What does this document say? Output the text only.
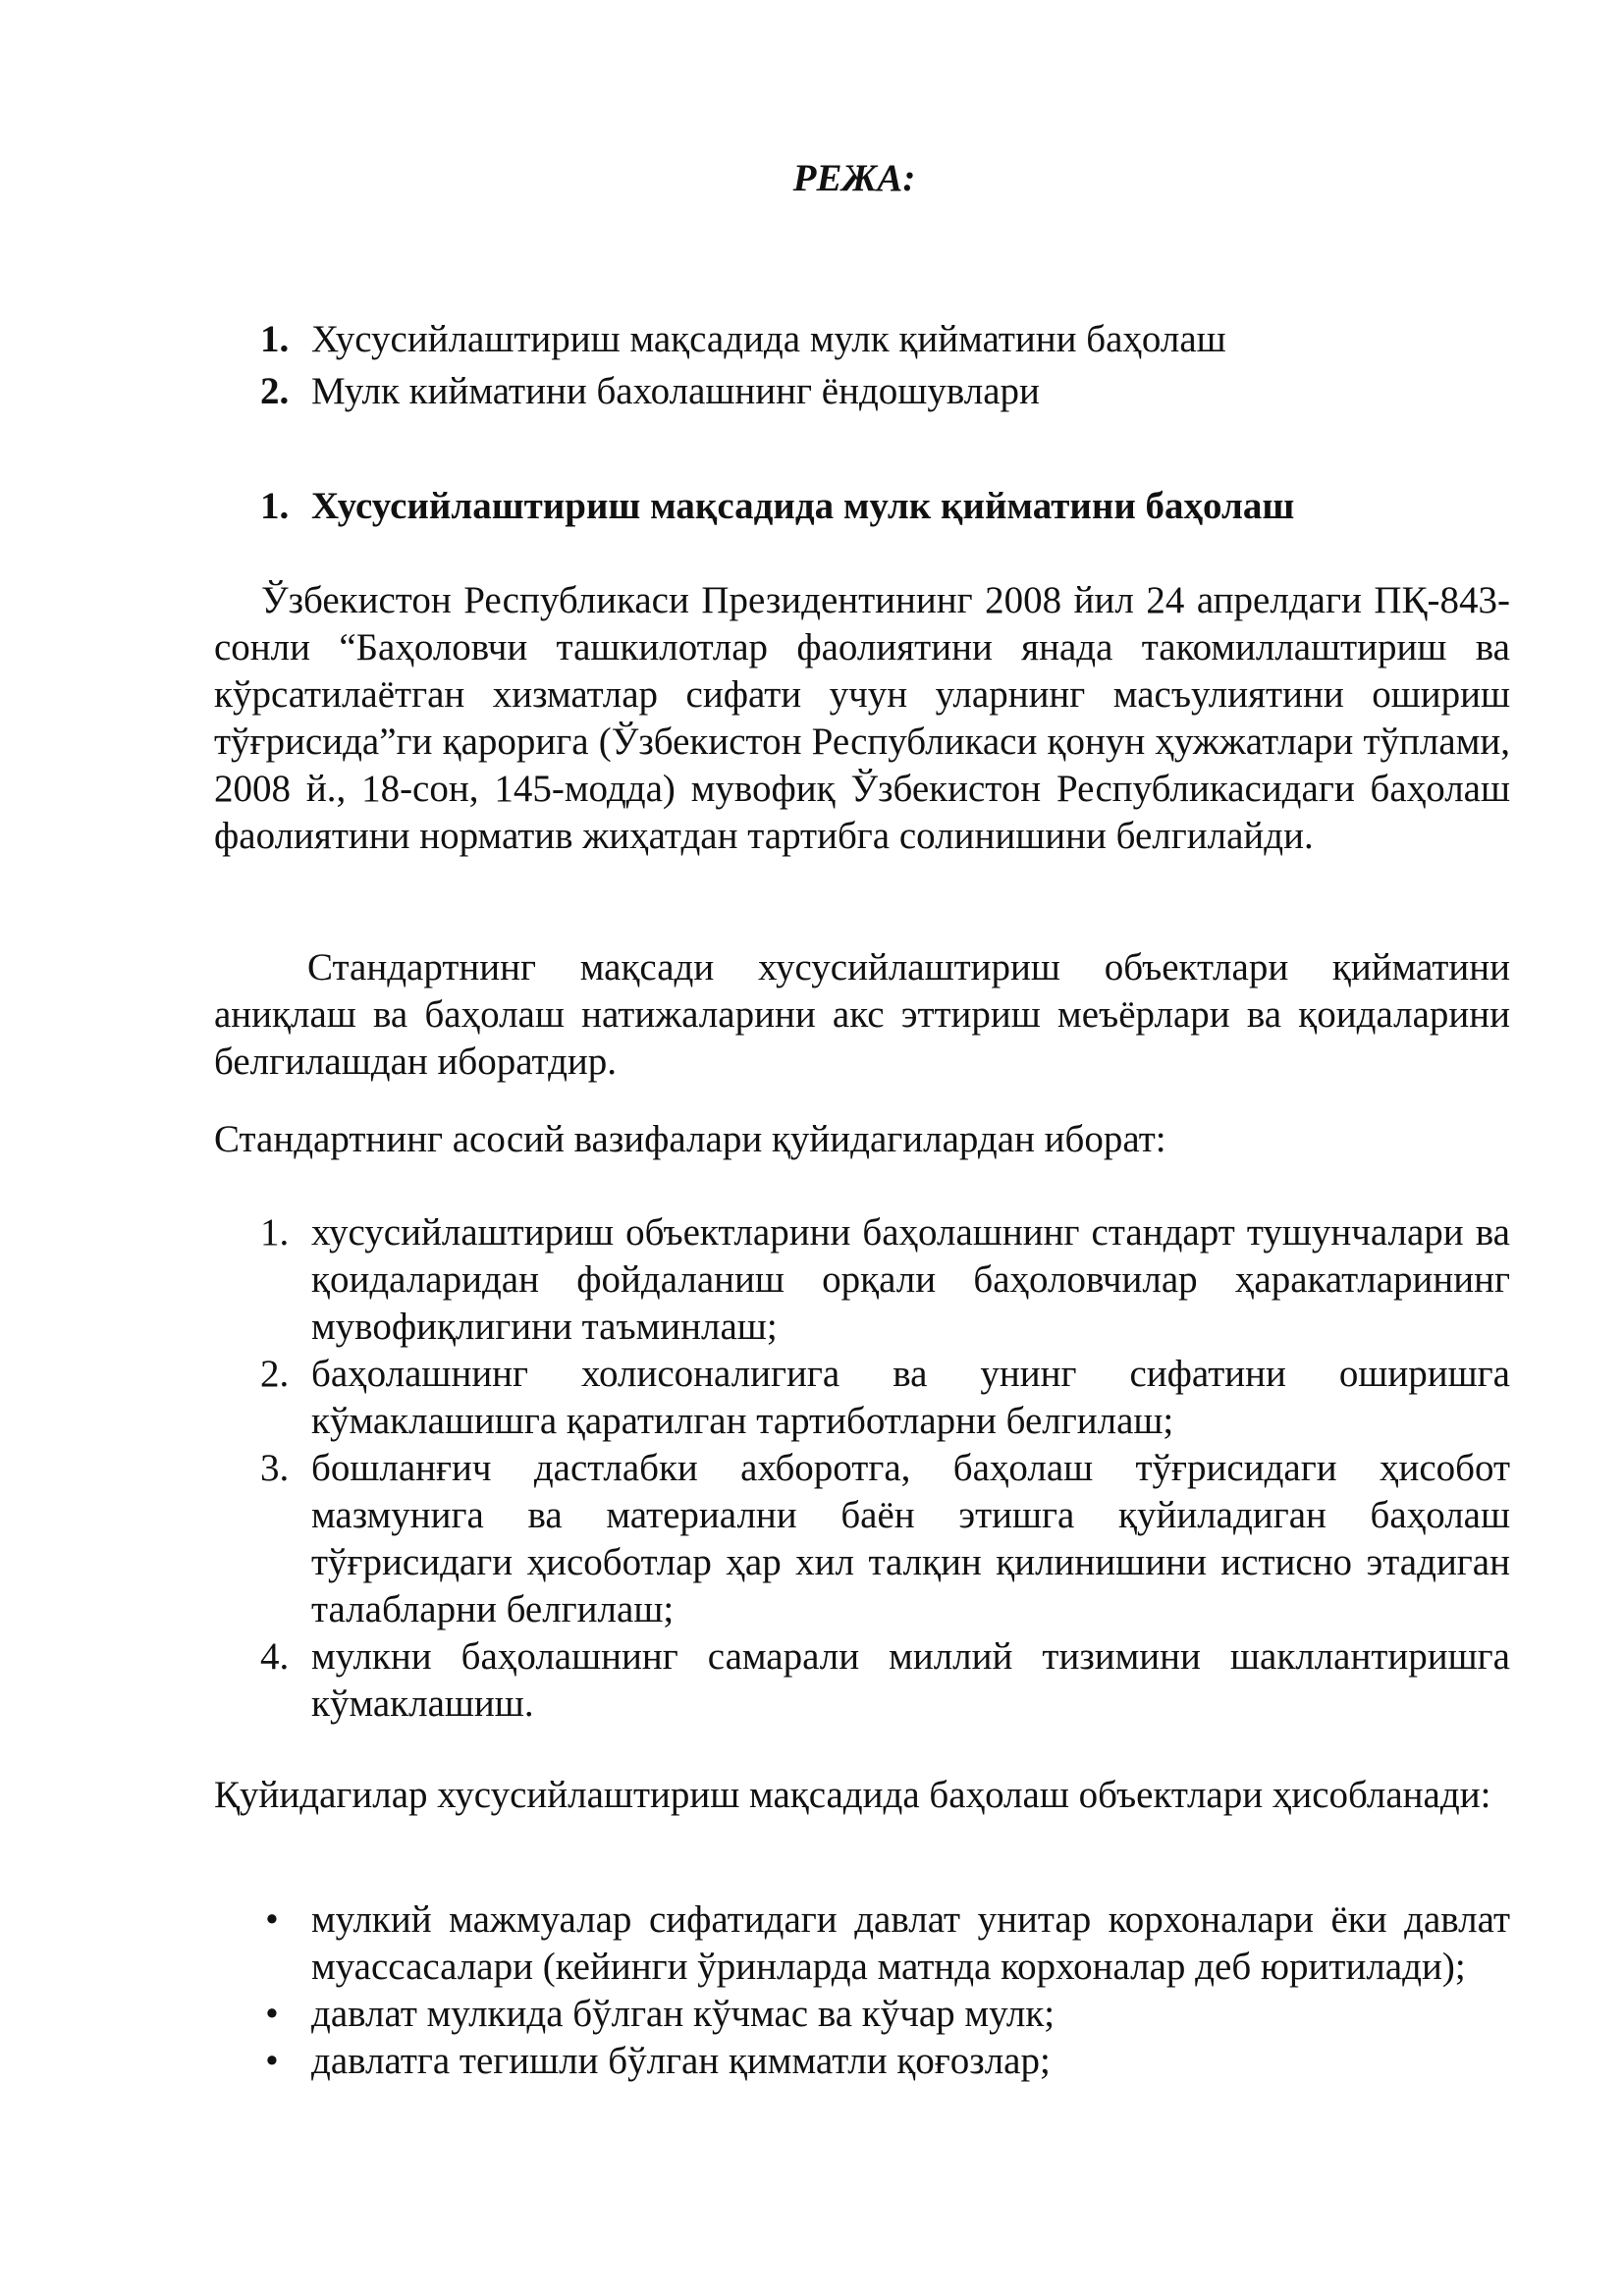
РЕЖА:
1. Хусусийлаштириш мақсадида мулк қийматини баҳолаш
2. Мулк кийматини бахолашнинг ёндошувлари
1. Хусусийлаштириш мақсадида мулк қийматини баҳолаш

Ўзбекистон Республикаси Президентининг 2008 йил 24 апрелдаги ПҚ-843-сонли “Баҳоловчи ташкилотлар фаолиятини янада такомиллаштириш ва кўрсатилаётган хизматлар сифати учун уларнинг масъулиятини ошириш тўғрисида”ги қарорига (Ўзбекистон Республикаси қонун ҳужжатлари тўплами, 2008 й., 18-сон, 145-модда) мувофиқ Ўзбекистон Республикасидаги баҳолаш фаолиятини норматив жиҳатдан тартибга солинишини белгилайди.

Стандартнинг мақсади хусусийлаштириш объектлари қийматини аниқлаш ва баҳолаш натижаларини акс эттириш меъёрлари ва қоидаларини белгилашдан иборатдир.

Стандартнинг асосий вазифалари қуйидагилардан иборат:

1. хусусийлаштириш объектларини баҳолашнинг стандарт тушунчалари ва қоидаларидан фойдаланиш орқали баҳоловчилар ҳаракатларининг мувофиқлигини таъминлаш;
2. баҳолашнинг холисоналигига ва унинг сифатини оширишга кўмаклашишга қаратилган тартиботларни белгилаш;
3. бошланғич дастлабки ахборотга, баҳолаш тўғрисидаги ҳисобот мазмунига ва материални баён этишга қуйиладиган баҳолаш тўғрисидаги ҳисоботлар ҳар хил талқин қилинишини истисно этадиган талабларни белгилаш;
4. мулкни баҳолашнинг самарали миллий тизимини шакллантиришга кўмаклашиш.

Қуйидагилар хусусийлаштириш мақсадида баҳолаш объектлари ҳисобланади:

• мулкий мажмуалар сифатидаги давлат унитар корхоналари ёки давлат муассасалари (кейинги ўринларда матнда корхоналар деб юритилади);
• давлат мулкида бўлган кўчмас ва кўчар мулк;
• давлатга тегишли бўлган қимматли қоғозлар;
